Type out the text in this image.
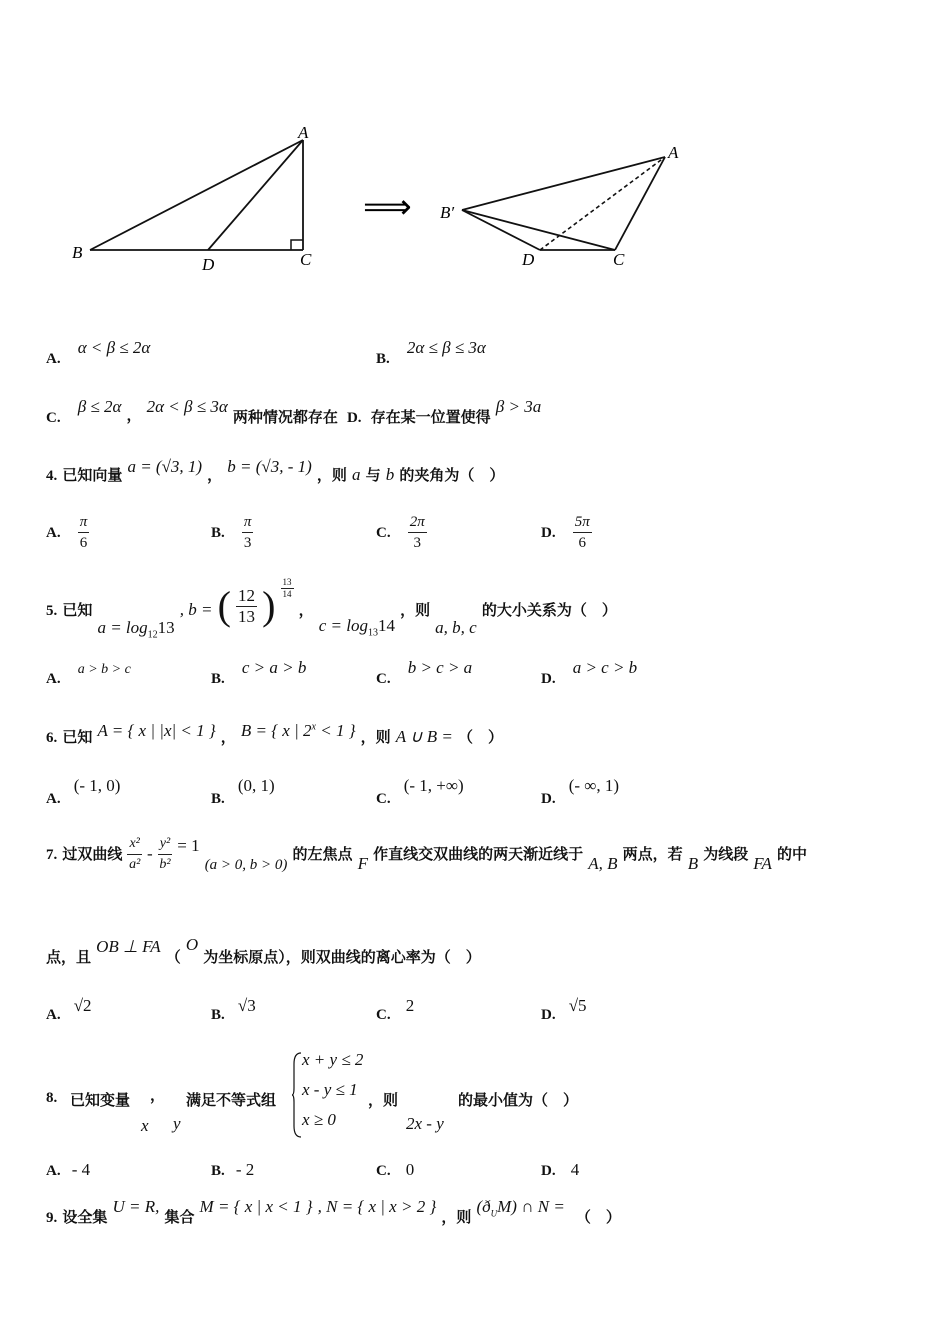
A
B	C
D
⟹
A
B′
C
D
A. α < β ≤ 2α
B. 2α ≤ β ≤ 3α
C. β ≤ 2α ， 2α < β ≤ 3α 两种情况都存在 D. 存在某一位置使得 β > 3a
4. 已知向量 a = (√3, 1) ， b = (√3, - 1) ，则 a 与 b 的夹角为（　）
A. $\frac{\pi}{6}$	B. $\frac{\pi}{3}$	C. $\frac{2\pi}{3}$	D. $\frac{5\pi}{6}$
5. 已知 $a = \log_{12}13$ , b = ( $\frac{12}{13}$ ) $\frac{13}{14}$
， $c = \log_{13}14$ ，则 a, b, c 的大小关系为（　）
A. a > b > c
B. c > a > b
C. b > c > a
D. a > c > b
6. 已知 A = { x | |x| < 1 } ， B = { x | $2^x < 1$ } ，则 A ∪ B = （　）
A. (- 1, 0)
B. (0, 1)
C. (- 1, +∞)
D. (- ∞, 1)
7. 过双曲线 $\frac{\text{x²}}{\text{a²}} - \frac{\text{y²}}{\text{b²}} = 1$ (a > 0, b > 0) 的左焦点 F 作直线交双曲线的两天渐近线于 A, B 两点，若 B 为线段 FA 的中
点，且 OB ⊥ FA （ O 为坐标原点），则双曲线的离心率为（　）
A. √2	B. √3	C. 2	D. √5
8. 已知变量
x
，
y
满足不等式组
x + y ≤ 2
x - y ≤ 1
x ≥ 0
，则
2x - y
的最小值为（　）
A. - 4	B. - 2	C. 0	D. 4
9. 设全集 U = R, 集合 M = { x | x < 1 } , N = { x | x > 2 } ，则 $(ð_UM)$ ∩ N = （　）
